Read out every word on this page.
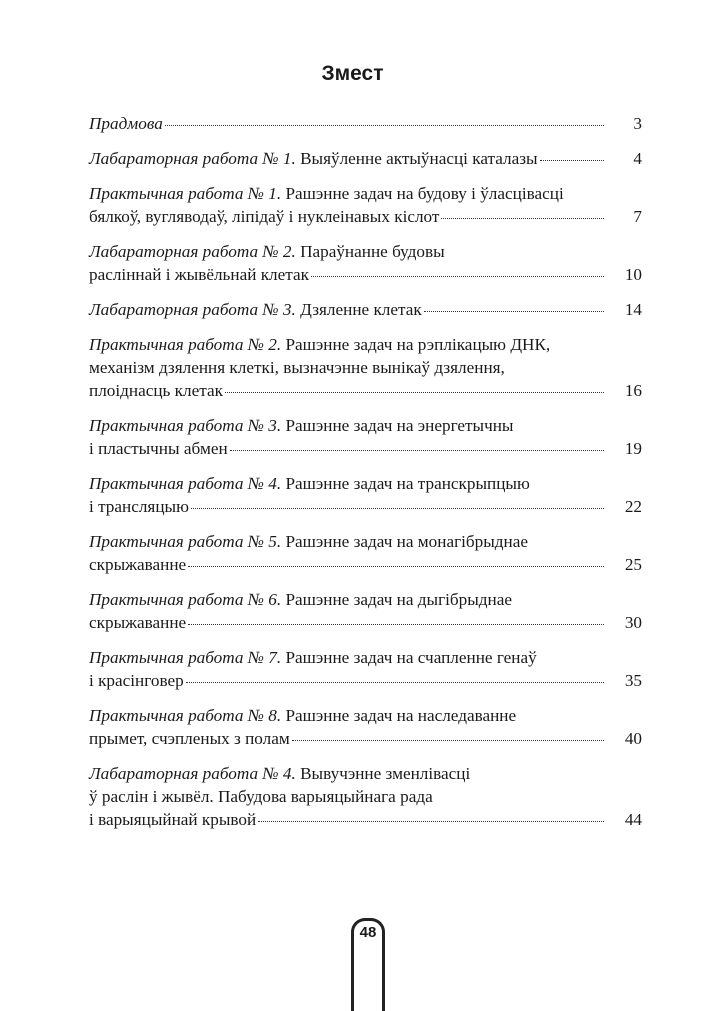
Змест
Прадмова	3
Лабараторная работа № 1. Выяўленне актыўнасці каталазы	4
Практычная работа № 1. Рашэнне задач на будову і ўласцівасці
бялкоў, вугляводаў, ліпідаў і нуклеінавых кіслот	7
Лабараторная работа № 2. Параўнанне будовы
расліннай і жывёльнай клетак	10
Лабараторная работа № 3. Дзяленне клетак	14
Практычная работа № 2. Рашэнне задач на рэплікацыю ДНК,
механізм дзялення клеткі, вызначэнне вынікаў дзялення,
плоіднасць клетак	16
Практычная работа № 3. Рашэнне задач на энергетычны
і пластычны абмен	19
Практычная работа № 4. Рашэнне задач на транскрыпцыю
і трансляцыю	22
Практычная работа № 5. Рашэнне задач на монагібрыднае
скрыжаванне	25
Практычная работа № 6. Рашэнне задач на дыгібрыднае
скрыжаванне	30
Практычная работа № 7. Рашэнне задач на счапленне генаў
і красінговер	35
Практычная работа № 8. Рашэнне задач на наследаванне
прымет, счэпленых з полам	40
Лабараторная работа № 4. Вывучэнне зменлівасці
ў раслін і жывёл. Пабудова варыяцыйнага рада
і варыяцыйнай крывой	44
48
